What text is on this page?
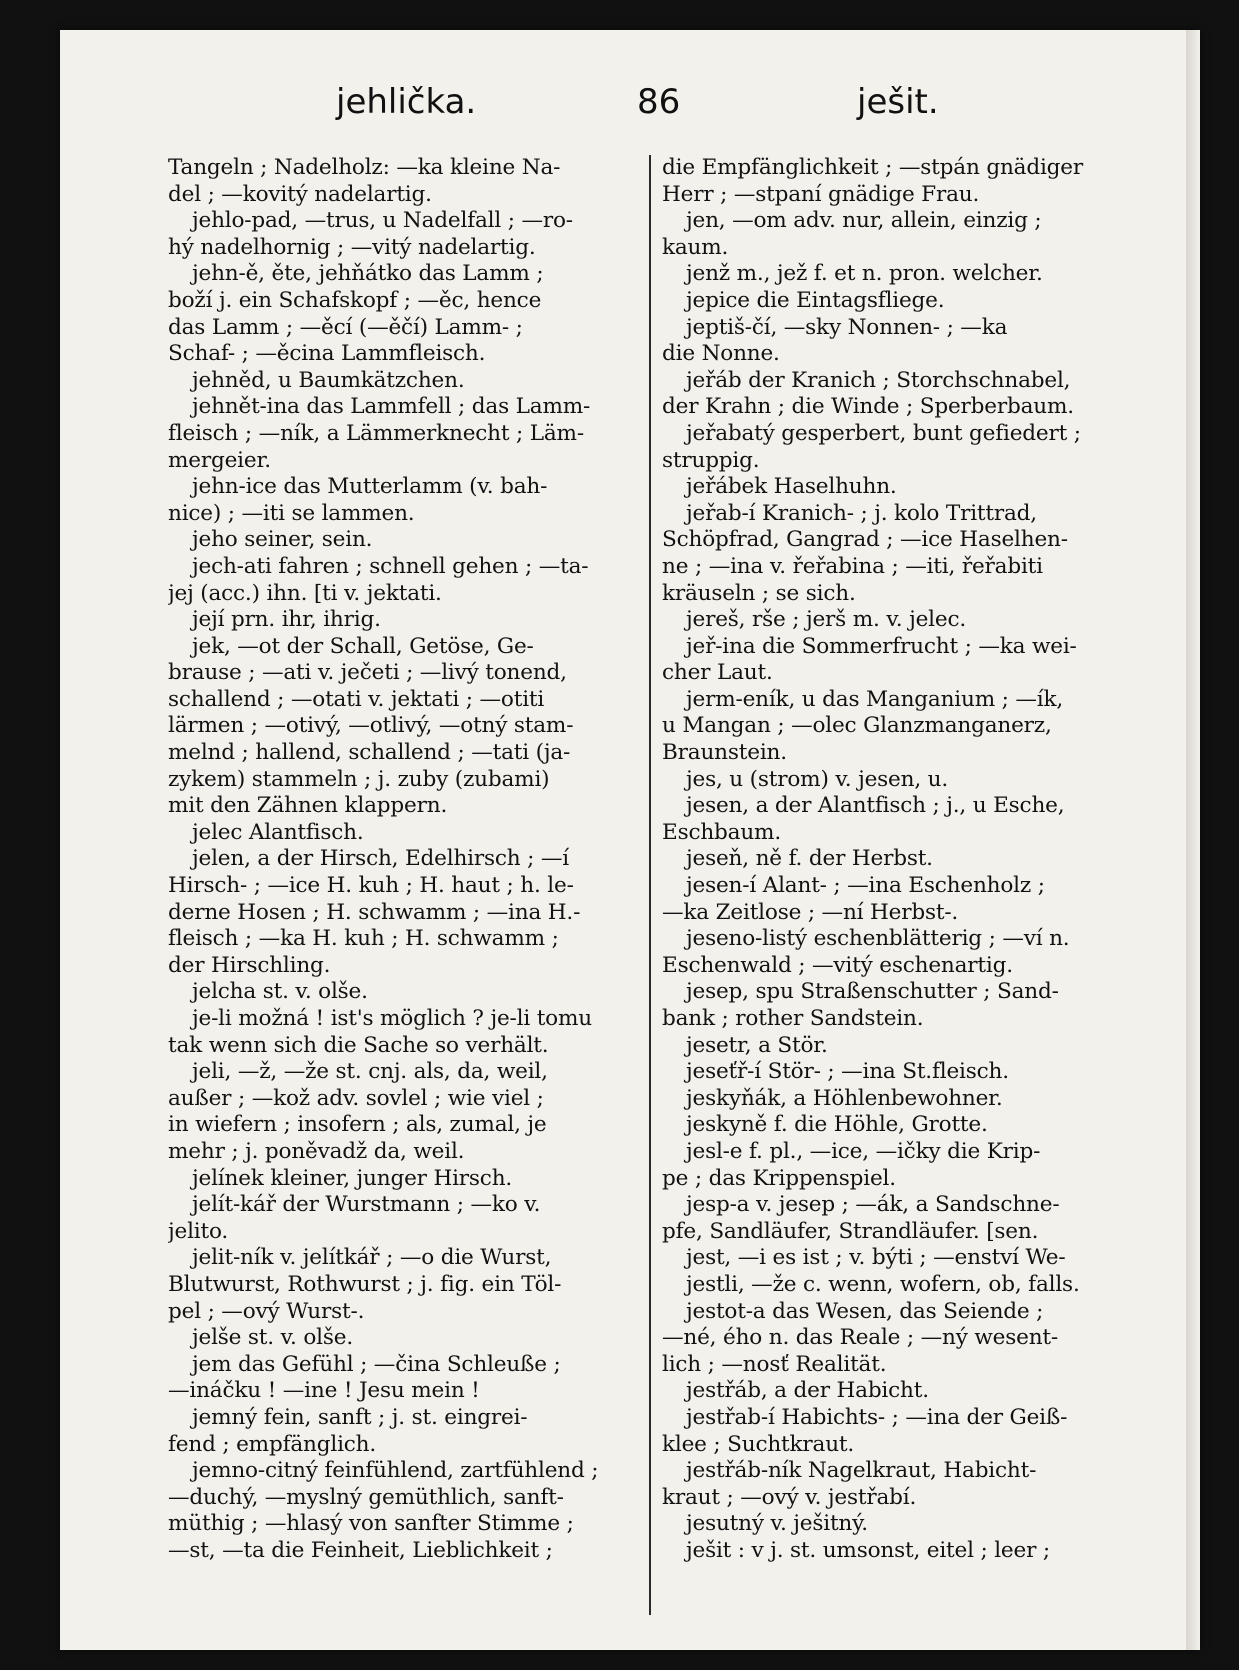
jehlička.	86	ješit.
Tangeln ; Nadelholz: —ka kleine Na-
del ; —kovitý nadelartig.
jehlo-pad, —trus, u Nadelfall ; —ro-
hý nadelhornig ; —vitý nadelartig.
jehn-ě, ěte, jehňátko das Lamm ;
boží j. ein Schafskopf ; —ěc, hence
das Lamm ; —ěcí (—ěčí) Lamm- ;
Schaf- ; —ěcina Lammfleisch.
jehněd, u Baumkätzchen.
jehnět-ina das Lammfell ; das Lamm-
fleisch ; —ník, a Lämmerknecht ; Läm-
mergeier.
jehn-ice das Mutterlamm (v. bah-
nice) ; —iti se lammen.
jeho seiner, sein.
jech-ati fahren ; schnell gehen ; —ta-
jej (acc.) ihn. [ti v. jektati.
její prn. ihr, ihrig.
jek, —ot der Schall, Getöse, Ge-
brause ; —ati v. ječeti ; —livý tonend,
schallend ; —otati v. jektati ; —otiti
lärmen ; —otivý, —otlivý, —otný stam-
melnd ; hallend, schallend ; —tati (ja-
zykem) stammeln ; j. zuby (zubami)
mit den Zähnen klappern.
jelec Alantfisch.
jelen, a der Hirsch, Edelhirsch ; —í
Hirsch- ; —ice H. kuh ; H. haut ; h. le-
derne Hosen ; H. schwamm ; —ina H.-
fleisch ; —ka H. kuh ; H. schwamm ;
der Hirschling.
jelcha st. v. olše.
je-li možná ! ist's möglich ? je-li tomu
tak wenn sich die Sache so verhält.
jeli, —ž, —že st. cnj. als, da, weil,
außer ; —kož adv. sovlel ; wie viel ;
in wiefern ; insofern ; als, zumal, je
mehr ; j. poněvadž da, weil.
jelínek kleiner, junger Hirsch.
jelít-kář der Wurstmann ; —ko v.
jelito.
jelit-ník v. jelítkář ; —o die Wurst,
Blutwurst, Rothwurst ; j. fig. ein Töl-
pel ; —ový Wurst-.
jelše st. v. olše.
jem das Gefühl ; —čina Schleuße ;
—ináčku ! —ine ! Jesu mein !
jemný fein, sanft ; j. st. eingrei-
fend ; empfänglich.
jemno-citný feinfühlend, zartfühlend ;
—duchý, —myslný gemüthlich, sanft-
müthig ; —hlasý von sanfter Stimme ;
—st, —ta die Feinheit, Lieblichkeit ;
die Empfänglichkeit ; —stpán gnädiger
Herr ; —stpaní gnädige Frau.
jen, —om adv. nur, allein, einzig ;
kaum.
jenž m., jež f. et n. pron. welcher.
jepice die Eintagsfliege.
jeptiš-čí, —sky Nonnen- ; —ka
die Nonne.
jeřáb der Kranich ; Storchschnabel,
der Krahn ; die Winde ; Sperberbaum.
jeřabatý gesperbert, bunt gefiedert ;
struppig.
jeřábek Haselhuhn.
jeřab-í Kranich- ; j. kolo Trittrad,
Schöpfrad, Gangrad ; —ice Haselhen-
ne ; —ina v. řeřabina ; —iti, řeřabiti
kräuseln ; se sich.
jereš, rše ; jerš m. v. jelec.
jeř-ina die Sommerfrucht ; —ka wei-
cher Laut.
jerm-eník, u das Manganium ; —ík,
u Mangan ; —olec Glanzmanganerz,
Braunstein.
jes, u (strom) v. jesen, u.
jesen, a der Alantfisch ; j., u Esche,
Eschbaum.
jeseň, ně f. der Herbst.
jesen-í Alant- ; —ina Eschenholz ;
—ka Zeitlose ; —ní Herbst-.
jeseno-listý eschenblätterig ; —ví n.
Eschenwald ; —vitý eschenartig.
jesep, spu Straßenschutter ; Sand-
bank ; rother Sandstein.
jesetr, a Stör.
jeseťř-í Stör- ; —ina St.fleisch.
jeskyňák, a Höhlenbewohner.
jeskyně f. die Höhle, Grotte.
jesl-e f. pl., —ice, —ičky die Krip-
pe ; das Krippenspiel.
jesp-a v. jesep ; —ák, a Sandschne-
pfe, Sandläufer, Strandläufer. [sen.
jest, —i es ist ; v. býti ; —enství We-
jestli, —že c. wenn, wofern, ob, falls.
jestot-a das Wesen, das Seiende ;
—né, ého n. das Reale ; —ný wesent-
lich ; —nosť Realität.
jestřáb, a der Habicht.
jestřab-í Habichts- ; —ina der Geiß-
klee ; Suchtkraut.
jestřáb-ník Nagelkraut, Habicht-
kraut ; —ový v. jestřabí.
jesutný v. ješitný.
ješit : v j. st. umsonst, eitel ; leer ;
